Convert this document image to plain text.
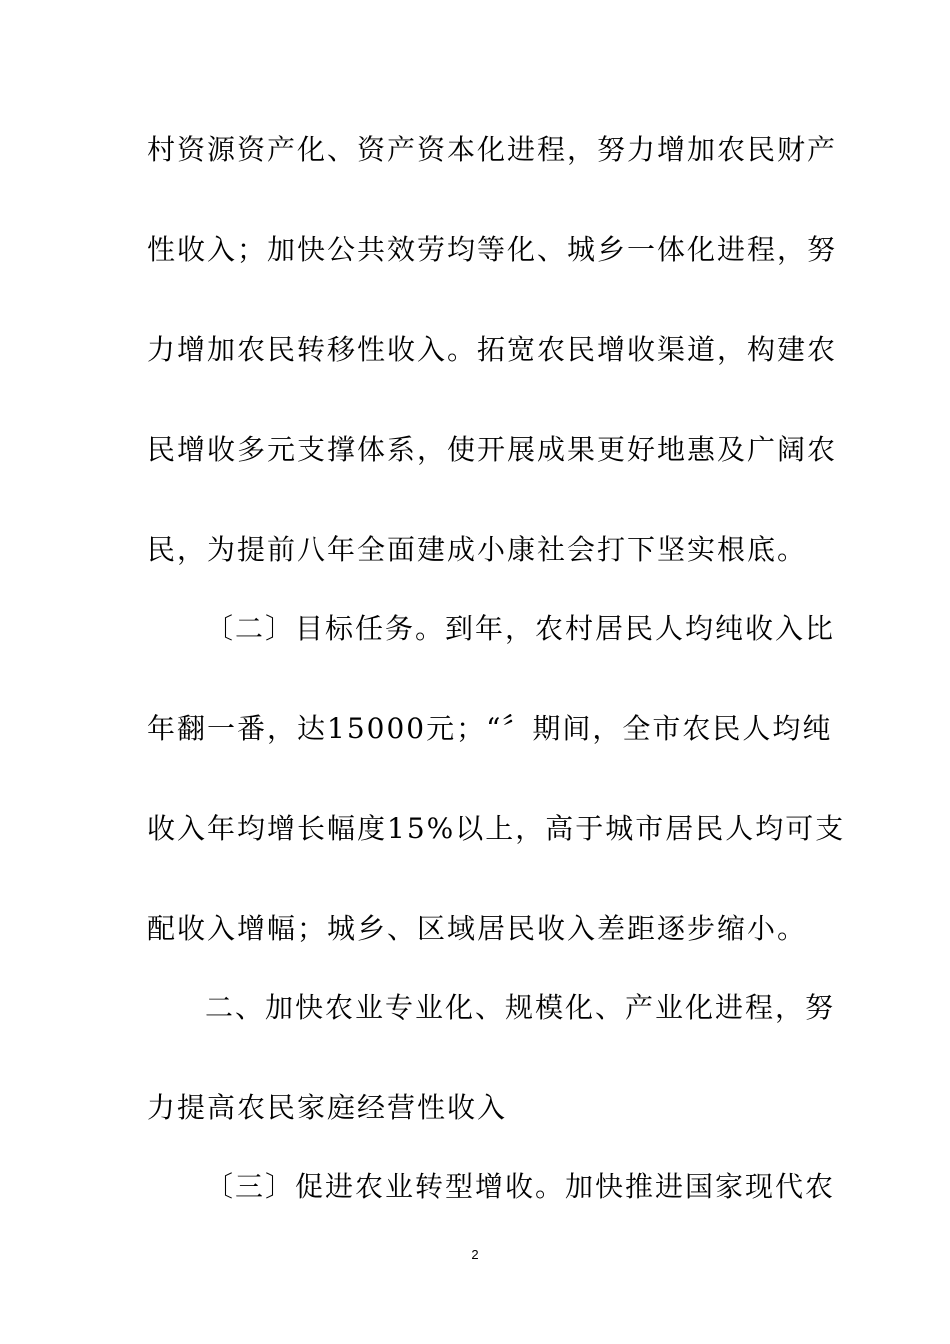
村资源资产化、资产资本化进程，努力增加农民财产
性收入；加快公共效劳均等化、城乡一体化进程，努
力增加农民转移性收入。拓宽农民增收渠道，构建农
民增收多元支撑体系，使开展成果更好地惠及广阔农
民，为提前八年全面建成小康社会打下坚实根底。
〔二〕目标任务。到年，农村居民人均纯收入比
年翻一番，达15000元；“〞期间，全市农民人均纯
收入年均增长幅度15%以上，高于城市居民人均可支
配收入增幅；城乡、区域居民收入差距逐步缩小。
二、加快农业专业化、规模化、产业化进程，努
力提高农民家庭经营性收入
〔三〕促进农业转型增收。加快推进国家现代农
2
